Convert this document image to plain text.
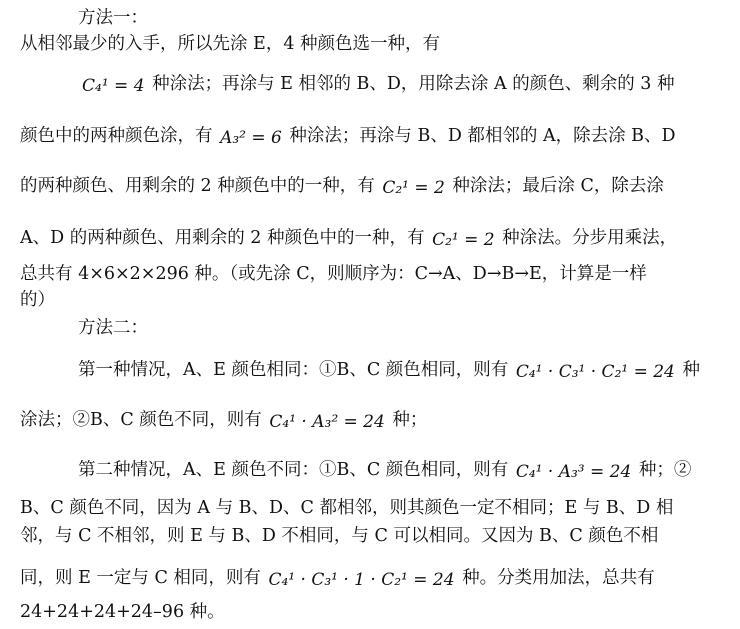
方法一：
从相邻最少的入手，所以先涂 E，4 种颜色选一种，有
C₄¹ = 4 种涂法；再涂与 E 相邻的 B、D，用除去涂 A 的颜色、剩余的 3 种
颜色中的两种颜色涂，有 A₃² = 6 种涂法；再涂与 B、D 都相邻的 A，除去涂 B、D
的两种颜色、用剩余的 2 种颜色中的一种，有 C₂¹ = 2 种涂法；最后涂 C，除去涂
A、D 的两种颜色、用剩余的 2 种颜色中的一种，有 C₂¹ = 2 种涂法。分步用乘法，
总共有 4×6×2×296 种。（或先涂 C，则顺序为：C→A、D→B→E，计算是一样
的）
方法二：
第一种情况，A、E 颜色相同：①B、C 颜色相同，则有 C₄¹ · C₃¹ · C₂¹ = 24 种
涂法；②B、C 颜色不同，则有 C₄¹ · A₃² = 24 种；
第二种情况，A、E 颜色不同：①B、C 颜色相同，则有 C₄¹ · A₃³ = 24 种；②
B、C 颜色不同，因为 A 与 B、D、C 都相邻，则其颜色一定不相同；E 与 B、D 相
邻，与 C 不相邻，则 E 与 B、D 不相同，与 C 可以相同。又因为 B、C 颜色不相
同，则 E 一定与 C 相同，则有 C₄¹ · C₃¹ · 1 · C₂¹ = 24 种。分类用加法，总共有
24+24+24+24–96 种。
